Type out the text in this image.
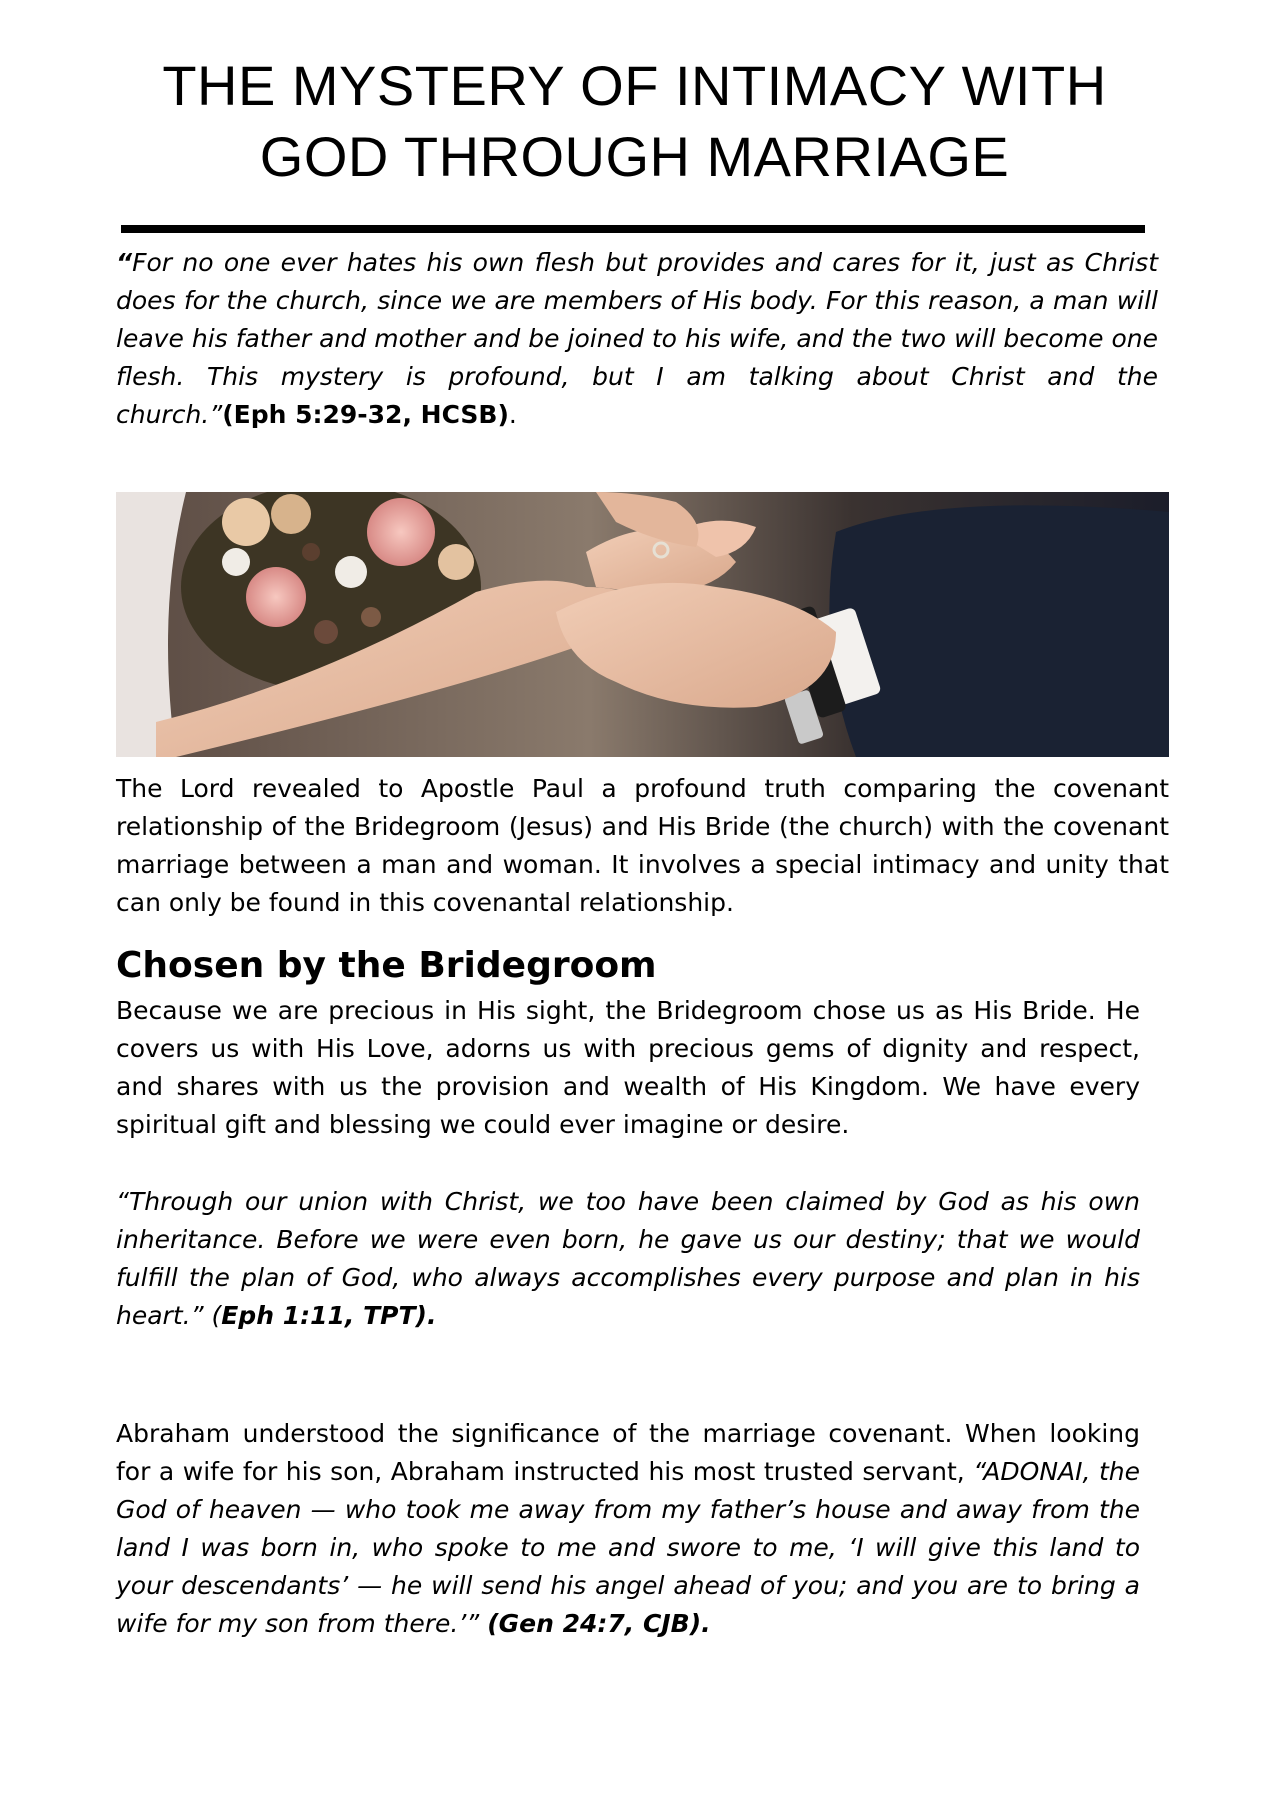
THE MYSTERY OF INTIMACY WITH
GOD THROUGH MARRIAGE

“For no one ever hates his own flesh but provides and cares for it, just as Christ does for the church, since we are members of His body. For this reason, a man will leave his father and mother and be joined to his wife, and the two will become one flesh. This mystery is profound, but I am talking about Christ and the church.”(Eph 5:29-32, HCSB).

The Lord revealed to Apostle Paul a profound truth comparing the covenant relationship of the Bridegroom (Jesus) and His Bride (the church) with the covenant marriage between a man and woman. It involves a special intimacy and unity that can only be found in this covenantal relationship.

Chosen by the Bridegroom

Because we are precious in His sight, the Bridegroom chose us as His Bride. He covers us with His Love, adorns us with precious gems of dignity and respect, and shares with us the provision and wealth of His Kingdom. We have every spiritual gift and blessing we could ever imagine or desire.

“Through our union with Christ, we too have been claimed by God as his own inheritance. Before we were even born, he gave us our destiny; that we would fulfill the plan of God, who always accomplishes every purpose and plan in his heart.” (Eph 1:11, TPT).

Abraham understood the significance of the marriage covenant. When looking for a wife for his son, Abraham instructed his most trusted servant, “ADONAI, the God of heaven — who took me away from my father’s house and away from the land I was born in, who spoke to me and swore to me, ‘I will give this land to your descendants’ — he will send his angel ahead of you; and you are to bring a wife for my son from there.’” (Gen 24:7, CJB).
